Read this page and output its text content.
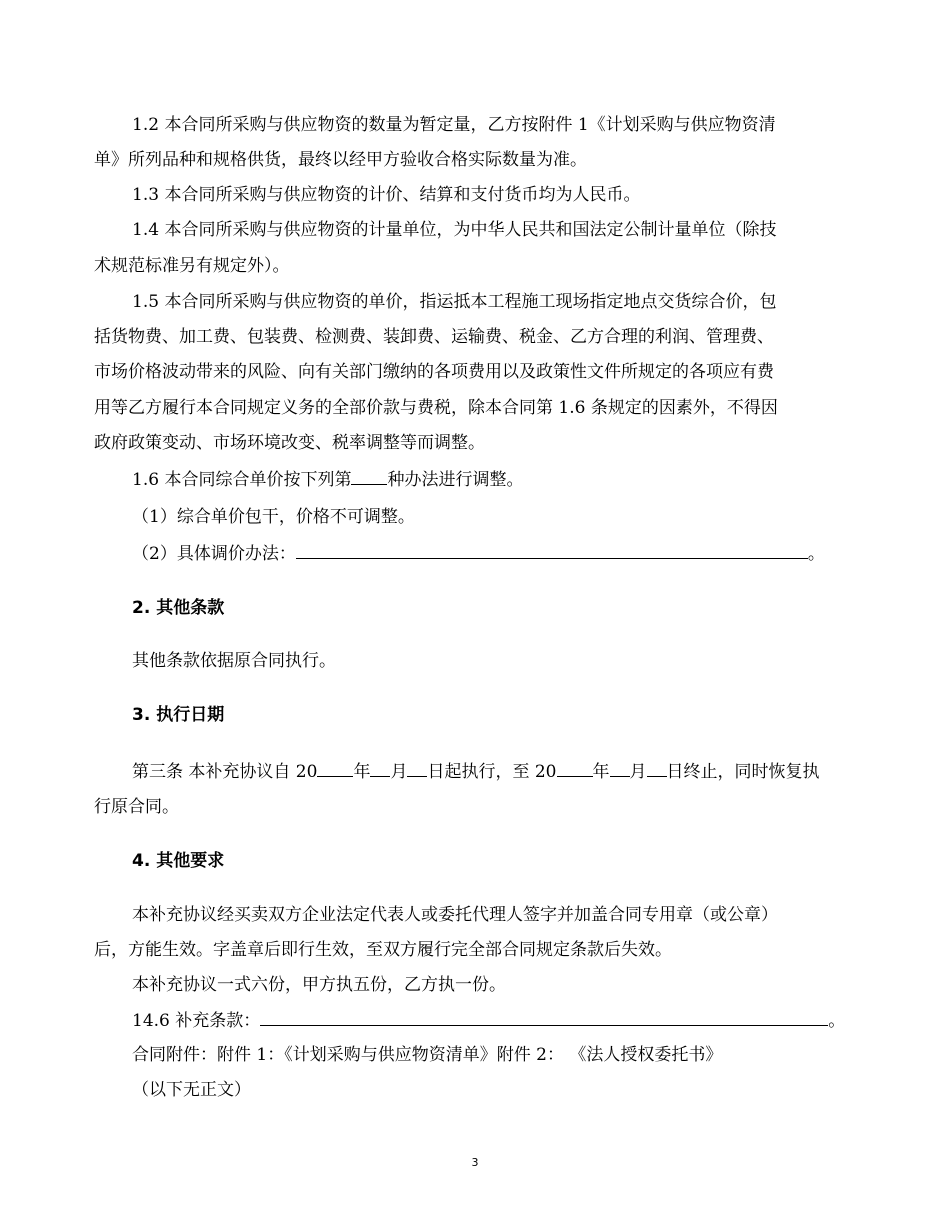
1.2 本合同所采购与供应物资的数量为暂定量，乙方按附件 1《计划采购与供应物资清
单》所列品种和规格供货，最终以经甲方验收合格实际数量为准。
1.3 本合同所采购与供应物资的计价、结算和支付货币均为人民币。
1.4 本合同所采购与供应物资的计量单位，为中华人民共和国法定公制计量单位（除技
术规范标准另有规定外）。
1.5 本合同所采购与供应物资的单价，指运抵本工程施工现场指定地点交货综合价，包
括货物费、加工费、包装费、检测费、装卸费、运输费、税金、乙方合理的利润、管理费、
市场价格波动带来的风险、向有关部门缴纳的各项费用以及政策性文件所规定的各项应有费
用等乙方履行本合同规定义务的全部价款与费税，除本合同第 1.6 条规定的因素外，不得因
政府政策变动、市场环境改变、税率调整等而调整。
1.6 本合同综合单价按下列第 种办法进行调整。
（1）综合单价包干，价格不可调整。
（2）具体调价办法：	。
2. 其他条款
其他条款依据原合同执行。
3. 执行日期
第三条 本补充协议自 20 年 月 日起执行，至 20 年 月 日终止，同时恢复执
行原合同。
4. 其他要求
本补充协议经买卖双方企业法定代表人或委托代理人签字并加盖合同专用章（或公章）
后，方能生效。字盖章后即行生效，至双方履行完全部合同规定条款后失效。
本补充协议一式六份，甲方执五份，乙方执一份。
14.6 补充条款：	。
合同附件：附件 1：《计划采购与供应物资清单》附件 2： 《法人授权委托书》
（以下无正文）
3
